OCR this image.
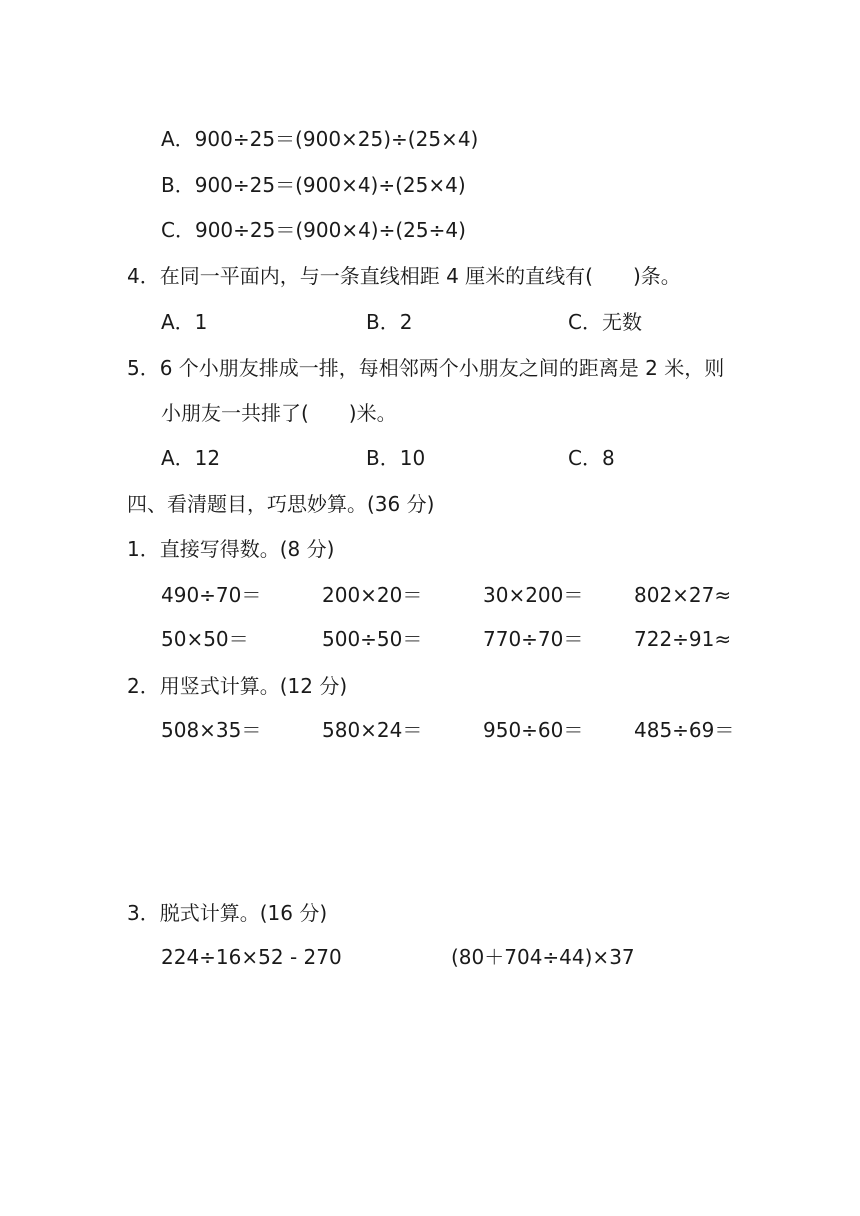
A．900÷25＝(900×25)÷(25×4)
B．900÷25＝(900×4)÷(25×4)
C．900÷25＝(900×4)÷(25÷4)
4．在同一平面内，与一条直线相距 4 厘米的直线有(　　)条。
A．1	B．2	C．无数
5．6 个小朋友排成一排，每相邻两个小朋友之间的距离是 2 米，则
小朋友一共排了(　　)米。
A．12	B．10	C．8
四、看清题目，巧思妙算。(36 分)
1．直接写得数。(8 分)
490÷70＝	200×20＝	30×200＝	802×27≈
50×50＝	500÷50＝	770÷70＝	722÷91≈
2．用竖式计算。(12 分)
508×35＝	580×24＝	950÷60＝	485÷69＝
3．脱式计算。(16 分)
224÷16×52 - 270	(80＋704÷44)×37
